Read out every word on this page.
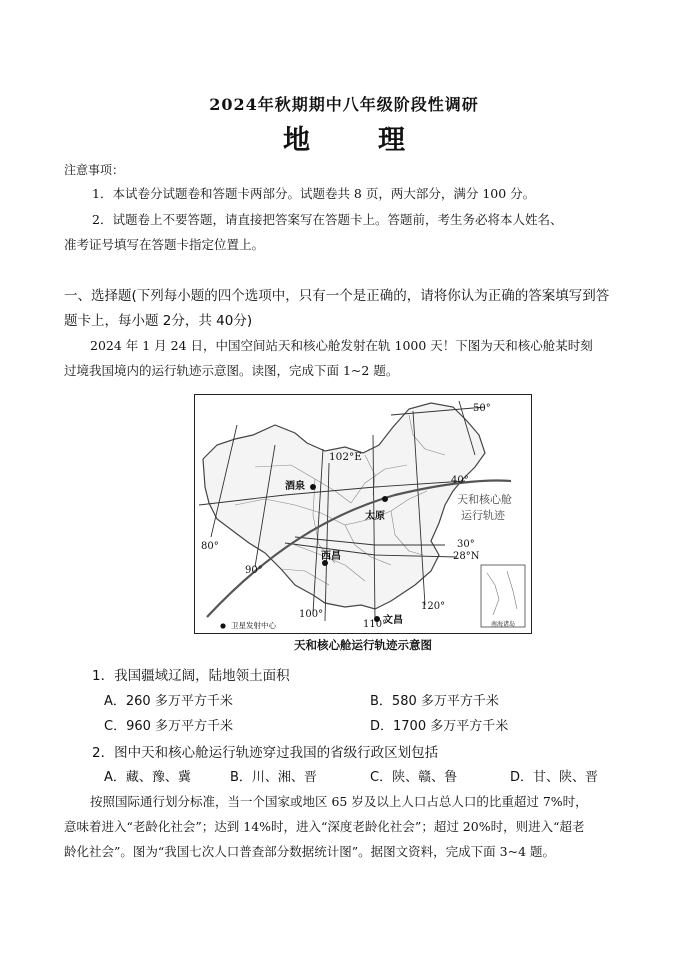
2024年秋期期中八年级阶段性调研
地	理
注意事项：
1．本试卷分试题卷和答题卡两部分。试题卷共 8 页，两大部分，满分 100 分。
2．试题卷上不要答题，请直接把答案写在答题卡上。答题前，考生务必将本人姓名、
准考证号填写在答题卡指定位置上。
一、选择题(下列每小题的四个选项中，只有一个是正确的，请将你认为正确的答案填写到答
题卡上，每小题 2分，共 40分)
2024 年 1 月 24 日，中国空间站天和核心舱发射在轨 1000 天！下图为天和核心舱某时刻
过境我国境内的运行轨迹示意图。读图，完成下面 1~2 题。
50°
40°
30°
28°N
80°
90°
100°
102°E
110°
120°
酒泉
太原
西昌
文昌
天和核心舱
运行轨迹
卫星发射中心	南海诸岛
天和核心舱运行轨迹示意图
1．我国疆域辽阔，陆地领土面积
A．260 多万平方千米	B．580 多万平方千米
C．960 多万平方千米	D．1700 多万平方千米
2．图中天和核心舱运行轨迹穿过我国的省级行政区划包括
A．藏、豫、冀	B．川、湘、晋	C．陕、赣、鲁	D．甘、陕、晋
按照国际通行划分标准，当一个国家或地区 65 岁及以上人口占总人口的比重超过 7%时，
意味着进入“老龄化社会”；达到 14%时，进入“深度老龄化社会”；超过 20%时，则进入“超老
龄化社会”。图为“我国七次人口普查部分数据统计图”。据图文资料，完成下面 3~4 题。
